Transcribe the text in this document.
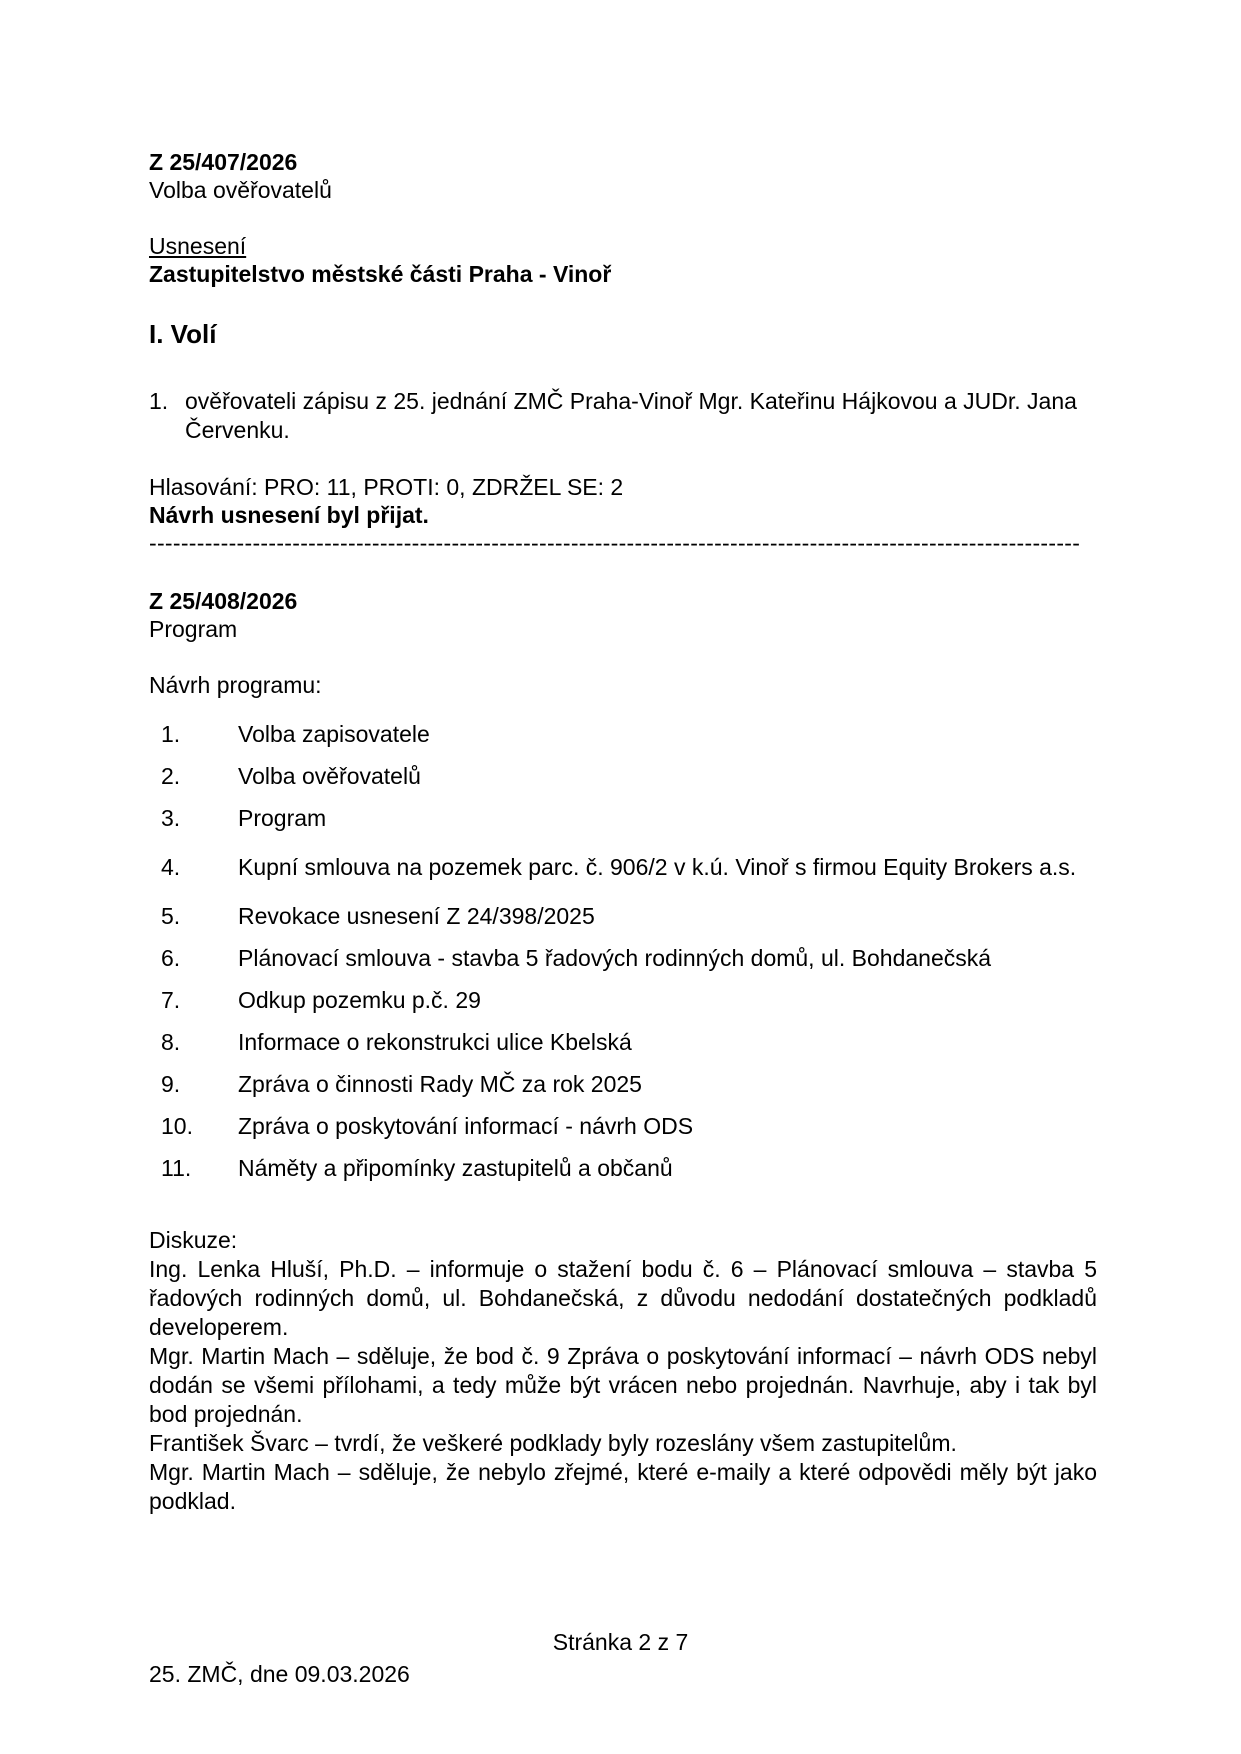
Z 25/407/2026
Volba ověřovatelů
Usnesení
Zastupitelstvo městské části Praha - Vinoř
I. Volí
1. ověřovateli zápisu z 25. jednání ZMČ Praha-Vinoř Mgr. Kateřinu Hájkovou a JUDr. Jana Červenku.
Hlasování: PRO: 11, PROTI: 0, ZDRŽEL SE: 2
Návrh usnesení byl přijat.
---------------------------------------------------------------------------------------------------------------------
Z 25/408/2026
Program
Návrh programu:
1.	Volba zapisovatele
2.	Volba ověřovatelů
3.	Program
4.	Kupní smlouva na pozemek parc. č. 906/2 v k.ú. Vinoř s firmou Equity Brokers a.s.
5.	Revokace usnesení Z 24/398/2025
6.	Plánovací smlouva - stavba 5 řadových rodinných domů, ul. Bohdanečská
7.	Odkup pozemku p.č. 29
8.	Informace o rekonstrukci ulice Kbelská
9.	Zpráva o činnosti Rady MČ za rok 2025
10.	Zpráva o poskytování informací - návrh ODS
11.	Náměty a připomínky zastupitelů a občanů

Diskuze:

Ing. Lenka Hluší, Ph.D. – informuje o stažení bodu č. 6 – Plánovací smlouva – stavba 5 řadových rodinných domů, ul. Bohdanečská, z důvodu nedodání dostatečných podkladů developerem.

Mgr. Martin Mach – sděluje, že bod č. 9 Zpráva o poskytování informací – návrh ODS nebyl dodán se všemi přílohami, a tedy může být vrácen nebo projednán. Navrhuje, aby i tak byl bod projednán.

František Švarc – tvrdí, že veškeré podklady byly rozeslány všem zastupitelům.

Mgr. Martin Mach – sděluje, že nebylo zřejmé, které e-maily a které odpovědi měly být jako podklad.

Stránka 2 z 7
25. ZMČ, dne 09.03.2026
